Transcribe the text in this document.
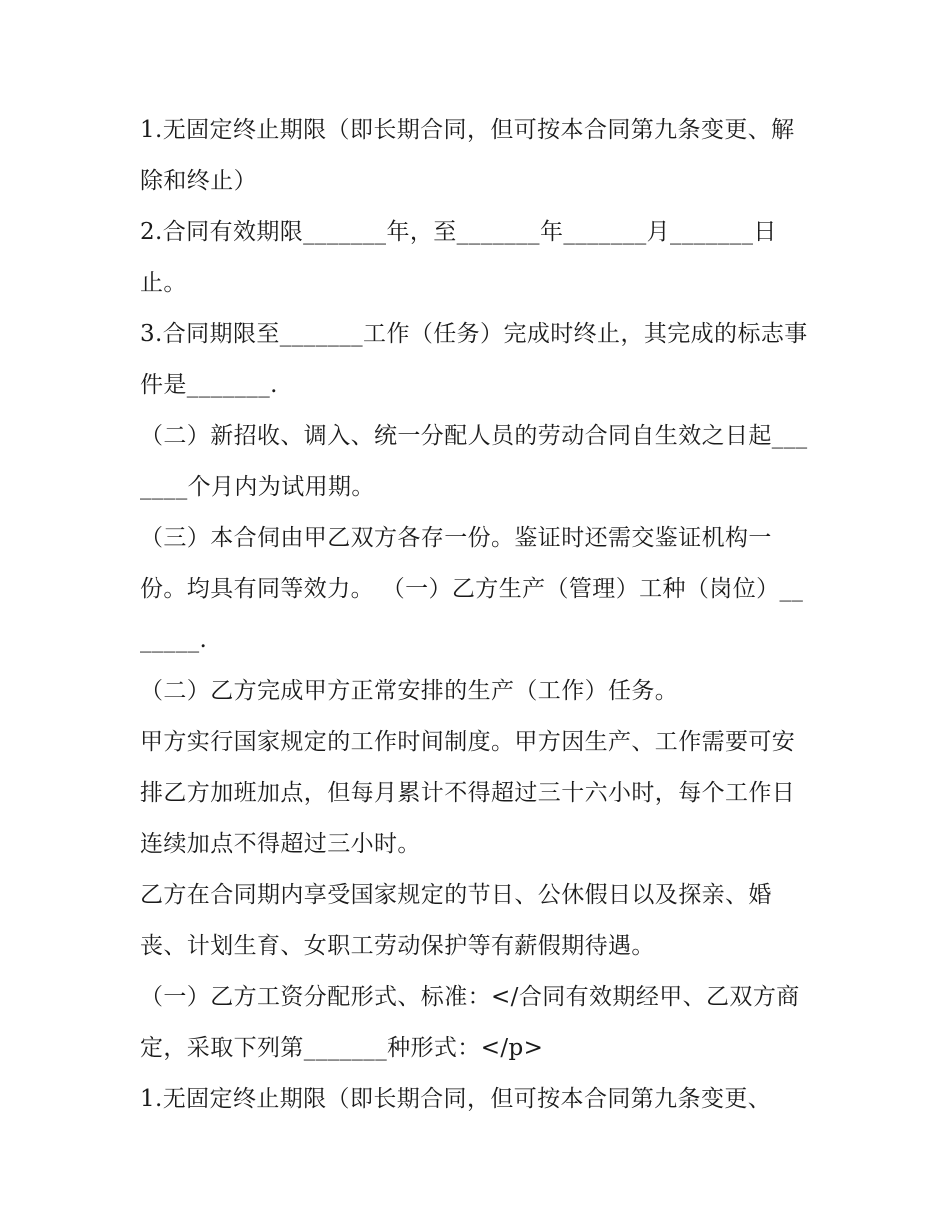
1.无固定终止期限（即长期合同，但可按本合同第九条变更、解除和终止）

2.合同有效期限_______年，至_______年_______月_______日止。

3.合同期限至_______工作（任务）完成时终止，其完成的标志事件是_______.

（二）新招收、调入、统一分配人员的劳动合同自生效之日起_______个月内为试用期。

（三）本合伺由甲乙双方各存一份。鉴证时还需交鉴证机构一份。均具有同等效力。 （一）乙方生产（管理）工种（岗位）_______.

（二）乙方完成甲方正常安排的生产（工作）任务。

甲方实行国家规定的工作时间制度。甲方因生产、工作需要可安排乙方加班加点，但每月累计不得超过三十六小时，每个工作日连续加点不得超过三小时。

乙方在合同期内享受国家规定的节日、公休假日以及探亲、婚丧、计划生育、女职工劳动保护等有薪假期待遇。

（一）乙方工资分配形式、标准：</合同有效期经甲、乙双方商定，采取下列第_______种形式：</p>

1.无固定终止期限（即长期合同，但可按本合同第九条变更、
